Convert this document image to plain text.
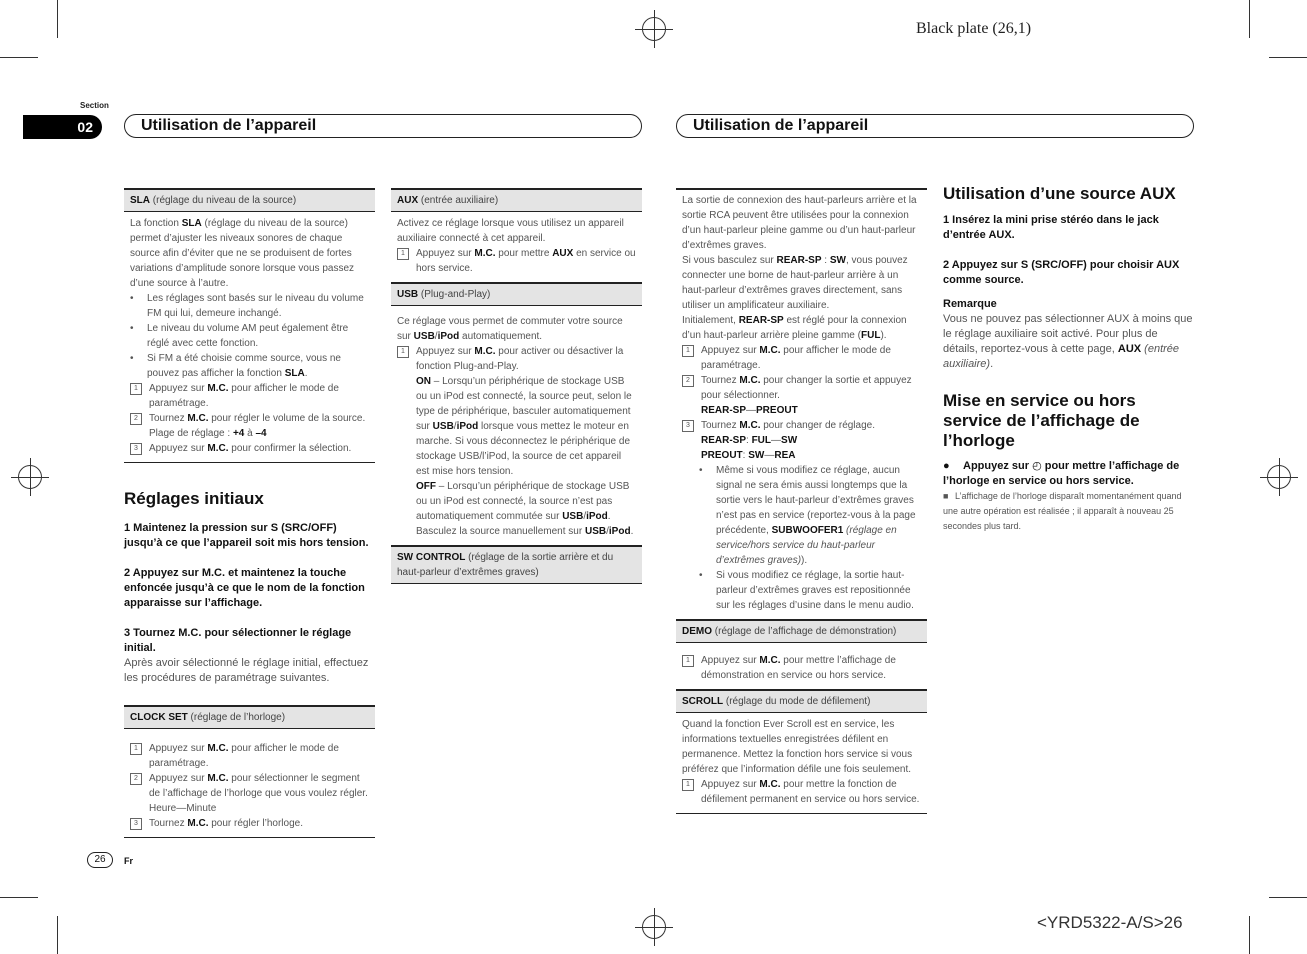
Black plate (26,1)
<YRD5322-A/S>26
Section
02	Utilisation de l’appareil	Utilisation de l’appareil
SLA (réglage du niveau de la source)

La fonction SLA (réglage du niveau de la source) permet d’ajuster les niveaux sonores de chaque source afin d’éviter que ne se produisent de fortes variations d’amplitude sonore lorsque vous passez d’une source à l’autre.

•	Les réglages sont basés sur le niveau du volume FM qui lui, demeure inchangé.
•	Le niveau du volume AM peut également être réglé avec cette fonction.
•	Si FM a été choisie comme source, vous ne pouvez pas afficher la fonction SLA.
1	Appuyez sur M.C. pour afficher le mode de paramétrage.
2	Tournez M.C. pour régler le volume de la source.
Plage de réglage : +4 à –4
3	Appuyez sur M.C. pour confirmer la sélection.
Réglages initiaux
1 Maintenez la pression sur S (SRC/OFF) jusqu’à ce que l’appareil soit mis hors tension.
2 Appuyez sur M.C. et maintenez la touche enfoncée jusqu’à ce que le nom de la fonction apparaisse sur l’affichage.
3 Tournez M.C. pour sélectionner le réglage initial.
Après avoir sélectionné le réglage initial, effectuez les procédures de paramétrage suivantes.
CLOCK SET (réglage de l’horloge)
1	Appuyez sur M.C. pour afficher le mode de paramétrage.
2	Appuyez sur M.C. pour sélectionner le segment de l’affichage de l’horloge que vous voulez régler.
Heure—Minute
3	Tournez M.C. pour régler l’horloge.
AUX (entrée auxiliaire)

Activez ce réglage lorsque vous utilisez un appareil auxiliaire connecté à cet appareil.

1	Appuyez sur M.C. pour mettre AUX en service ou hors service.
USB (Plug-and-Play)

Ce réglage vous permet de commuter votre source sur USB/iPod automatiquement.

1	Appuyez sur M.C. pour activer ou désactiver la fonction Plug-and-Play.
ON – Lorsqu’un périphérique de stockage USB ou un iPod est connecté, la source peut, selon le type de périphérique, basculer automatiquement sur USB/iPod lorsque vous mettez le moteur en marche. Si vous déconnectez le périphérique de stockage USB/l’iPod, la source de cet appareil est mise hors tension.
OFF – Lorsqu’un périphérique de stockage USB ou un iPod est connecté, la source n’est pas automatiquement commutée sur USB/iPod. Basculez la source manuellement sur USB/iPod.
SW CONTROL (réglage de la sortie arrière et du haut-parleur d’extrêmes graves)

La sortie de connexion des haut-parleurs arrière et la sortie RCA peuvent être utilisées pour la connexion d’un haut-parleur pleine gamme ou d’un haut-parleur d’extrêmes graves.

Si vous basculez sur REAR-SP : SW, vous pouvez connecter une borne de haut-parleur arrière à un haut-parleur d’extrêmes graves directement, sans utiliser un amplificateur auxiliaire.

Initialement, REAR-SP est réglé pour la connexion d’un haut-parleur arrière pleine gamme (FUL).

1	Appuyez sur M.C. pour afficher le mode de paramétrage.
2	Tournez M.C. pour changer la sortie et appuyez pour sélectionner.
REAR-SP—PREOUT
3	Tournez M.C. pour changer de réglage.
REAR-SP: FUL—SW
PREOUT: SW—REA
•	Même si vous modifiez ce réglage, aucun signal ne sera émis aussi longtemps que la sortie vers le haut-parleur d’extrêmes graves n’est pas en service (reportez-vous à la page précédente, SUBWOOFER1 (réglage en service/hors service du haut-parleur d’extrêmes graves)).
•	Si vous modifiez ce réglage, la sortie haut-parleur d’extrêmes graves est repositionnée sur les réglages d’usine dans le menu audio.
DEMO (réglage de l’affichage de démonstration)
1	Appuyez sur M.C. pour mettre l’affichage de démonstration en service ou hors service.
SCROLL (réglage du mode de défilement)

Quand la fonction Ever Scroll est en service, les informations textuelles enregistrées défilent en permanence. Mettez la fonction hors service si vous préférez que l’information défile une fois seulement.

1	Appuyez sur M.C. pour mettre la fonction de défilement permanent en service ou hors service.
Utilisation d’une source AUX
1 Insérez la mini prise stéréo dans le jack d’entrée AUX.
2 Appuyez sur S (SRC/OFF) pour choisir AUX comme source.
Remarque
Vous ne pouvez pas sélectionner AUX à moins que le réglage auxiliaire soit activé. Pour plus de détails, reportez-vous à cette page, AUX (entrée auxiliaire).
Mise en service ou hors service de l’affichage de l’horloge
● Appuyez sur ◴ pour mettre l’affichage de l’horloge en service ou hors service.
■ L’affichage de l’horloge disparaît momentanément quand une autre opération est réalisée ; il apparaît à nouveau 25 secondes plus tard.
26	Fr
